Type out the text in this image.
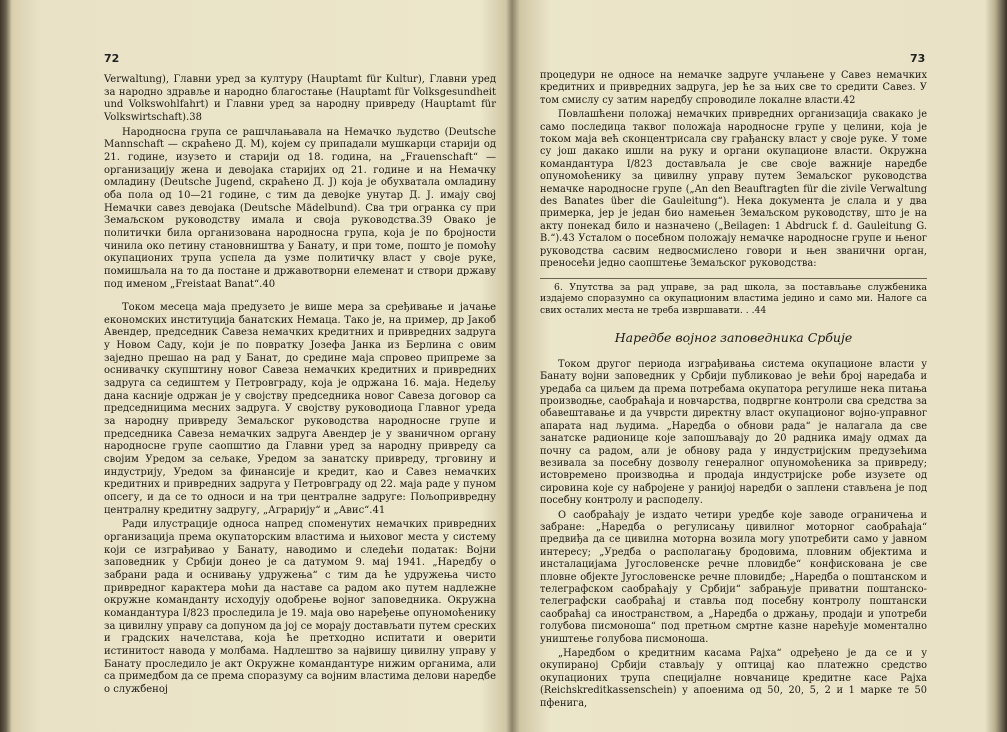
72

Verwaltung), Главни уред за културу (Hauptamt für Kultur), Главни уред за народно здравље и народно благостање (Hauptamt für Volksgesundheit und Volkswohlfahrt) и Главни уред за народну привреду (Hauptamt für Volkswirtschaft).38

Народносна група се рашчлањавала на Немачко људство (Deutsche Mannschaft — скраћено Д. М), којем су припадали мушкарци старији од 21. године, изузето и старији од 18. година, на „Frauenschaft“ — организацију жена и девојака старијих од 21. године и на Немачку омладину (Deutsche Jugend, скраћено Д. Ј) која је обухватала омладину оба пола од 10—21 године, с тим да девојке унутар Д. Ј. имају свој Немачки савез девојака (Deutsche Mädelbund). Сва три огранка су при Земаљском руководству имала и своја руководства.39 Овако је политички била организована народносна група, која је по бројности чинила око петину становништва у Банату, и при томе, пошто је помоћу окупационих трупа успела да узме политичку власт у своје руке, помишљала на то да постане и државотворни елеменат и створи државу под именом „Freistaat Banat“.40

Током месеца маја предузето је више мера за сређивање и јачање економских институција банатских Немаца. Тако је, на пример, др Јакоб Авендер, председник Савеза немачких кредитних и привредних задруга у Новом Саду, који је по повратку Јозефа Јанка из Берлина с овим заједно прешао на рад у Банат, до средине маја спровео припреме за оснивачку скупштину новог Савеза немачких кредитних и привредних задруга са седиштем у Петровграду, која је одржана 16. маја. Недељу дана касније одржан је у својству председника новог Савеза договор са председницима месних задруга. У својству руководиоца Главног уреда за народну привреду Земаљског руководства народносне групе и председника Савеза немачких задруга Авендер је у званичном органу народносне групе саопштио да Главни уред за народну привреду са својим Уредом за сељаке, Уредом за занатску привреду, трговину и индустрију, Уредом за финансије и кредит, као и Савез немачких кредитних и привредних задруга у Петровграду од 22. маја раде у пуном опсегу, и да се то односи и на три централне задруге: Пољопривредну централну кредитну задругу, „Аграрију“ и „Авис“.41

Ради илустрације односа напред споменутих немачких привредних организација према окупаторским властима и њиховог места у систему који се изграђивао у Банату, наводимо и следећи податак: Војни заповедник у Србији донео је са датумом 9. мај 1941. „Наредбу о забрани рада и оснивању удружења“ с тим да ће удружења чисто привредног карактера моћи да наставе са радом ако путем надлежне окружне команданту исходују одобрење војног заповедника. Окружна командантура I/823 проследила је 19. маја ово наређење опуномоћенику за цивилну управу са допуном да јој се морају достављати путем среских и градских начелстава, која ће претходно испитати и оверити истинитост навода у молбама. Надлештво за највишу цивилну управу у Банату проследило је акт Окружне командантуре нижим органима, али са примедбом да се према споразуму са војним властима делови наредбе о службеној

73

процедури не односе на немачке задруге учлањене у Савез немачких кредитних и привредних задруга, јер ће за њих све то средити Савез. У том смислу су затим наредбу спроводиле локалне власти.42

Повлашћени положај немачких привредних организација свакако је само последица таквог положаја народносне групе у целини, која је током маја већ сконцентрисала сву грађанску власт у своје руке. У томе су још дакако ишли на руку и органи окупационе власти. Окружна командантура I/823 достављала је све своје важније наредбе опуномоћенику за цивилну управу путем Земаљског руководства немачке народносне групе („An den Beauftragten für die zivile Verwaltung des Banates über die Gauleitung“). Нека документа је слала и у два примерка, јер је један био намењен Земаљском руководству, што је на акту понекад било и назначено („Beilagen: 1 Abdruck f. d. Gauleitung G. B.“).43 Усталом о посебном положају немачке народносне групе и њеног руководства сасвим недвосмислено говори и њен званични орган, преносећи једно саопштење Земаљског руководства:

6. Упутства за рад управе, за рад школа, за постављање службеника издајемо споразумно са окупационим властима једино и само ми. Налоге са свих осталих места не треба извршавати. . .44

Наредбе војног заповедника Србије

Током другог периода изграђивања система окупационе власти у Банату војни заповедник у Србији публиковао је већи број наредаба и уредаба са циљем да према потребама окупатора регулише нека питања производње, саобраћаја и новчарства, подвргне контроли сва средства за обавештавање и да учврсти директну власт окупационог војно-управног апарата над људима. „Наредба о обнови рада“ је налагала да све занатске радионице које запошљавају до 20 радника имају одмах да почну са радом, али је обнову рада у индустријским предузећима везивала за посебну дозволу генералног опуномоћеника за привреду; истовремено производња и продаја индустријске робе изузете од сировина које су набројене у ранијој наредби о заплени стављена је под посебну контролу и расподелу.

О саобраћају је издато четири уредбе које заводе ограничења и забране: „Наредба о регулисању цивилног моторног саобраћаја“ предвиђа да се цивилна моторна возила могу употребити само у јавном интересу; „Уредба о располагању бродовима, пловним објектима и инсталацијама Југословенске речне пловидбе“ конфискована је све пловне објекте Југословенске речне пловидбе; „Наредба о поштанском и телеграфском саобраћају у Србији“ забрањује приватни поштанско-телеграфски саобраћај и ставља под посебну контролу поштански саобраћај са иностранством, а „Наредба о држању, продаји и употреби голубова писмоноша“ под претњом смртне казне нарећује моментално уништење голубова писмоноша.

„Наредбом о кредитним касама Рајха“ одређено је да се и у окупираној Србији стављају у оптицај као платежно средство окупационих трупа специјалне новчанице кредитне касе Рајха (Reichskreditkassenschein) у апоенима од 50, 20, 5, 2 и 1 марке те 50 пфенига,
